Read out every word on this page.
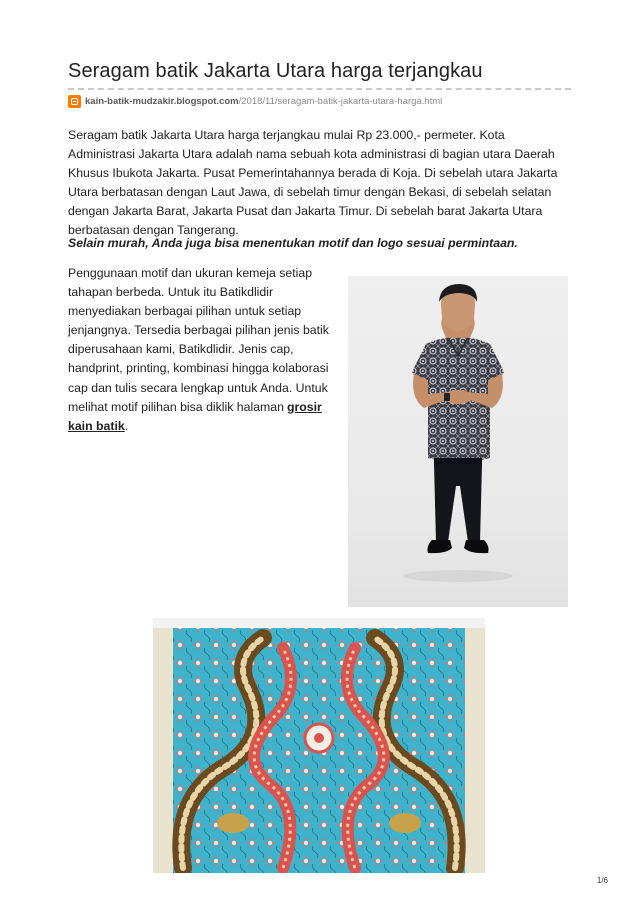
Seragam batik Jakarta Utara harga terjangkau
kain-batik-mudzakir.blogspot.com /2018/11/seragam-batik-jakarta-utara-harga.html

Seragam batik Jakarta Utara harga terjangkau mulai Rp 23.000,- permeter. Kota Administrasi Jakarta Utara adalah nama sebuah kota administrasi di bagian utara Daerah Khusus Ibukota Jakarta. Pusat Pemerintahannya berada di Koja. Di sebelah utara Jakarta Utara berbatasan dengan Laut Jawa, di sebelah timur dengan Bekasi, di sebelah selatan dengan Jakarta Barat, Jakarta Pusat dan Jakarta Timur. Di sebelah barat Jakarta Utara berbatasan dengan Tangerang.

Selain murah, Anda juga bisa menentukan motif dan logo sesuai permintaan.

Penggunaan motif dan ukuran kemeja setiap tahapan berbeda. Untuk itu Batikdlidir menyediakan berbagai pilihan untuk setiap jenjangnya. Tersedia berbagai pilihan jenis batik diperusahaan kami, Batikdlidir. Jenis cap, handprint, printing, kombinasi hingga kolaborasi cap dan tulis secara lengkap untuk Anda. Untuk melihat motif pilihan bisa diklik halaman grosir kain batik.

1/6
